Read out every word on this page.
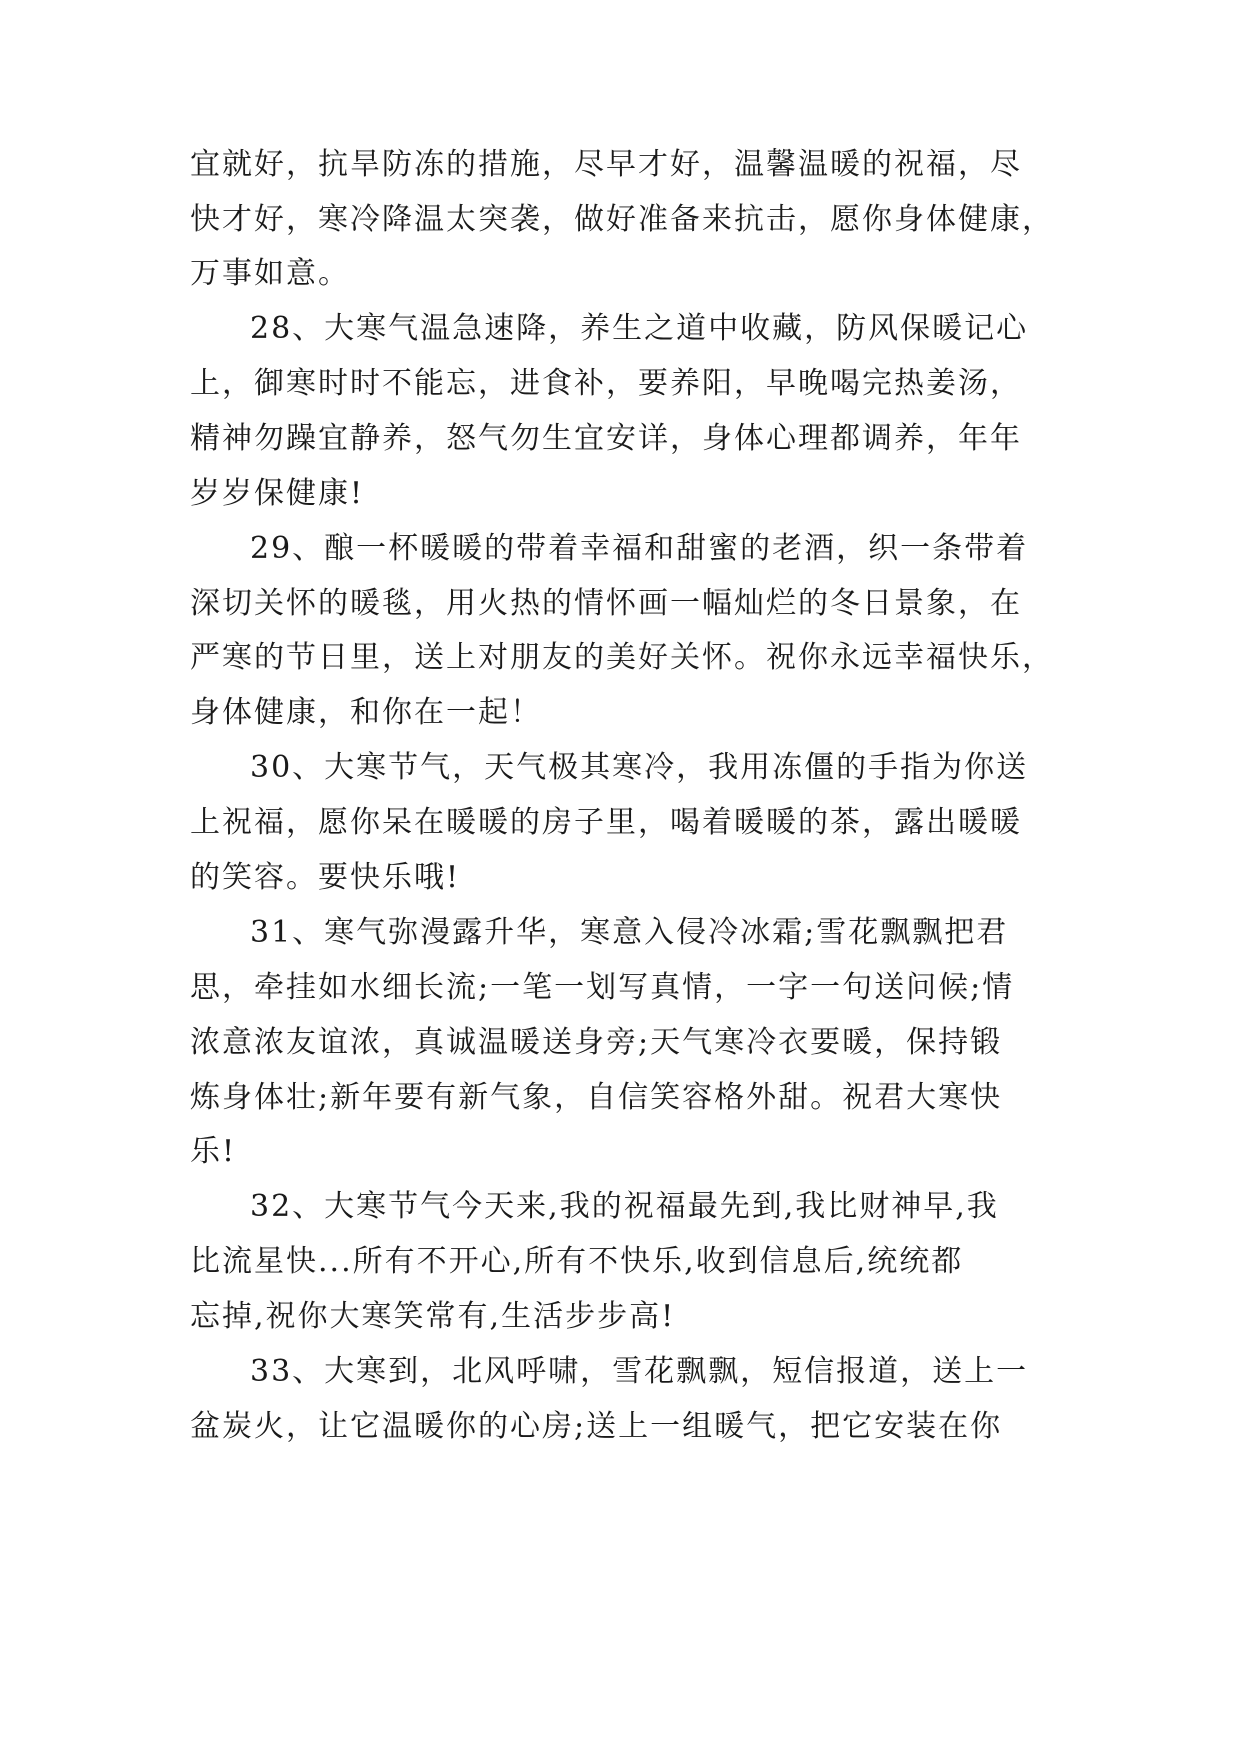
宜就好，抗旱防冻的措施，尽早才好，温馨温暖的祝福，尽
快才好，寒冷降温太突袭，做好准备来抗击，愿你身体健康，
万事如意。
28、大寒气温急速降，养生之道中收藏，防风保暖记心
上，御寒时时不能忘，进食补，要养阳，早晚喝完热姜汤，
精神勿躁宜静养，怒气勿生宜安详，身体心理都调养，年年
岁岁保健康!
29、酿一杯暖暖的带着幸福和甜蜜的老酒，织一条带着
深切关怀的暖毯，用火热的情怀画一幅灿烂的冬日景象，在
严寒的节日里，送上对朋友的美好关怀。祝你永远幸福快乐，
身体健康，和你在一起！
30、大寒节气，天气极其寒冷，我用冻僵的手指为你送
上祝福，愿你呆在暖暖的房子里，喝着暖暖的茶，露出暖暖
的笑容。要快乐哦!
31、寒气弥漫露升华，寒意入侵冷冰霜;雪花飘飘把君
思，牵挂如水细长流;一笔一划写真情，一字一句送问候;情
浓意浓友谊浓，真诚温暖送身旁;天气寒冷衣要暖，保持锻
炼身体壮;新年要有新气象，自信笑容格外甜。祝君大寒快
乐!
32、大寒节气今天来,我的祝福最先到,我比财神早,我
比流星快...所有不开心,所有不快乐,收到信息后,统统都
忘掉,祝你大寒笑常有,生活步步高!
33、大寒到，北风呼啸，雪花飘飘，短信报道，送上一
盆炭火，让它温暖你的心房;送上一组暖气，把它安装在你
